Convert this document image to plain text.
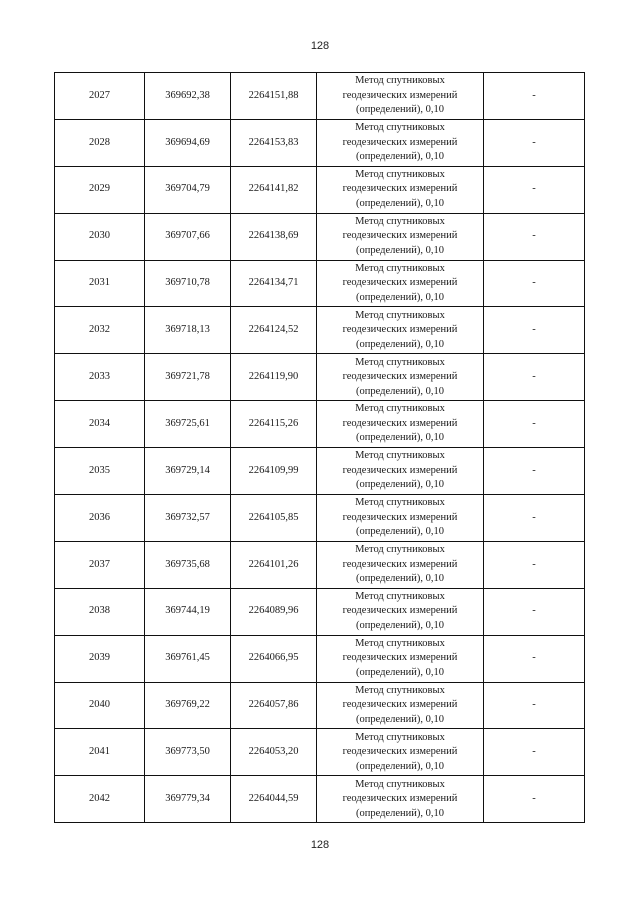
128
2027	369692,38	2264151,88	Метод спутниковых
геодезических измерений
(определений), 0,10	-
2028	369694,69	2264153,83	Метод спутниковых
геодезических измерений
(определений), 0,10	-
2029	369704,79	2264141,82	Метод спутниковых
геодезических измерений
(определений), 0,10	-
2030	369707,66	2264138,69	Метод спутниковых
геодезических измерений
(определений), 0,10	-
2031	369710,78	2264134,71	Метод спутниковых
геодезических измерений
(определений), 0,10	-
2032	369718,13	2264124,52	Метод спутниковых
геодезических измерений
(определений), 0,10	-
2033	369721,78	2264119,90	Метод спутниковых
геодезических измерений
(определений), 0,10	-
2034	369725,61	2264115,26	Метод спутниковых
геодезических измерений
(определений), 0,10	-
2035	369729,14	2264109,99	Метод спутниковых
геодезических измерений
(определений), 0,10	-
2036	369732,57	2264105,85	Метод спутниковых
геодезических измерений
(определений), 0,10	-
2037	369735,68	2264101,26	Метод спутниковых
геодезических измерений
(определений), 0,10	-
2038	369744,19	2264089,96	Метод спутниковых
геодезических измерений
(определений), 0,10	-
2039	369761,45	2264066,95	Метод спутниковых
геодезических измерений
(определений), 0,10	-
2040	369769,22	2264057,86	Метод спутниковых
геодезических измерений
(определений), 0,10	-
2041	369773,50	2264053,20	Метод спутниковых
геодезических измерений
(определений), 0,10	-
2042	369779,34	2264044,59	Метод спутниковых
геодезических измерений
(определений), 0,10	-
128
